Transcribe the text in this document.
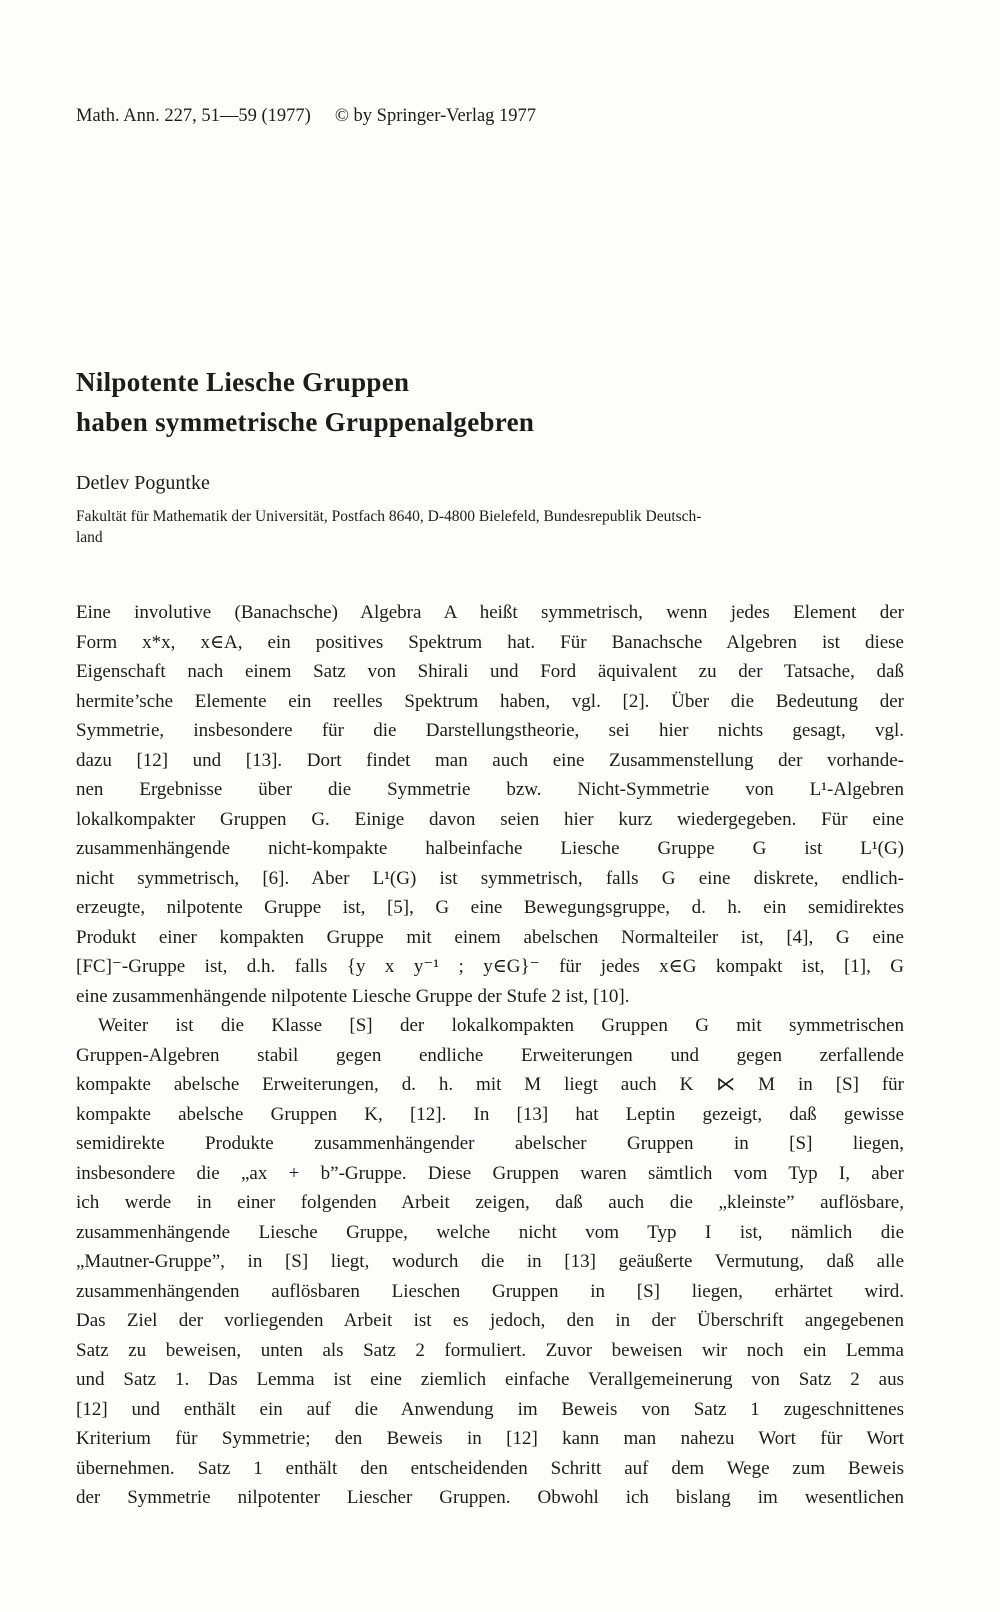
Math. Ann. 227, 51—59 (1977) © by Springer-Verlag 1977
Nilpotente Liesche Gruppen
haben symmetrische Gruppenalgebren
Detlev Poguntke
Fakultät für Mathematik der Universität, Postfach 8640, D-4800 Bielefeld, Bundesrepublik Deutsch-
land
Eine involutive (Banachsche) Algebra A heißt symmetrisch, wenn jedes Element der
Form x*x, x∈A, ein positives Spektrum hat. Für Banachsche Algebren ist diese
Eigenschaft nach einem Satz von Shirali und Ford äquivalent zu der Tatsache, daß
hermite’sche Elemente ein reelles Spektrum haben, vgl. [2]. Über die Bedeutung der
Symmetrie, insbesondere für die Darstellungstheorie, sei hier nichts gesagt, vgl.
dazu [12] und [13]. Dort findet man auch eine Zusammenstellung der vorhande-
nen Ergebnisse über die Symmetrie bzw. Nicht-Symmetrie von L¹-Algebren
lokalkompakter Gruppen G. Einige davon seien hier kurz wiedergegeben. Für eine
zusammenhängende nicht-kompakte halbeinfache Liesche Gruppe G ist L¹(G)
nicht symmetrisch, [6]. Aber L¹(G) ist symmetrisch, falls G eine diskrete, endlich-
erzeugte, nilpotente Gruppe ist, [5], G eine Bewegungsgruppe, d. h. ein semidirektes
Produkt einer kompakten Gruppe mit einem abelschen Normalteiler ist, [4], G eine
[FC]⁻-Gruppe ist, d.h. falls {y x y⁻¹ ; y∈G}⁻ für jedes x∈G kompakt ist, [1], G
eine zusammenhängende nilpotente Liesche Gruppe der Stufe 2 ist, [10].
Weiter ist die Klasse [S] der lokalkompakten Gruppen G mit symmetrischen
Gruppen-Algebren stabil gegen endliche Erweiterungen und gegen zerfallende
kompakte abelsche Erweiterungen, d. h. mit M liegt auch K ⋉ M in [S] für
kompakte abelsche Gruppen K, [12]. In [13] hat Leptin gezeigt, daß gewisse
semidirekte Produkte zusammenhängender abelscher Gruppen in [S] liegen,
insbesondere die „ax + b”-Gruppe. Diese Gruppen waren sämtlich vom Typ I, aber
ich werde in einer folgenden Arbeit zeigen, daß auch die „kleinste” auflösbare,
zusammenhängende Liesche Gruppe, welche nicht vom Typ I ist, nämlich die
„Mautner-Gruppe”, in [S] liegt, wodurch die in [13] geäußerte Vermutung, daß alle
zusammenhängenden auflösbaren Lieschen Gruppen in [S] liegen, erhärtet wird.
Das Ziel der vorliegenden Arbeit ist es jedoch, den in der Überschrift angegebenen
Satz zu beweisen, unten als Satz 2 formuliert. Zuvor beweisen wir noch ein Lemma
und Satz 1. Das Lemma ist eine ziemlich einfache Verallgemeinerung von Satz 2 aus
[12] und enthält ein auf die Anwendung im Beweis von Satz 1 zugeschnittenes
Kriterium für Symmetrie; den Beweis in [12] kann man nahezu Wort für Wort
übernehmen. Satz 1 enthält den entscheidenden Schritt auf dem Wege zum Beweis
der Symmetrie nilpotenter Liescher Gruppen. Obwohl ich bislang im wesentlichen
